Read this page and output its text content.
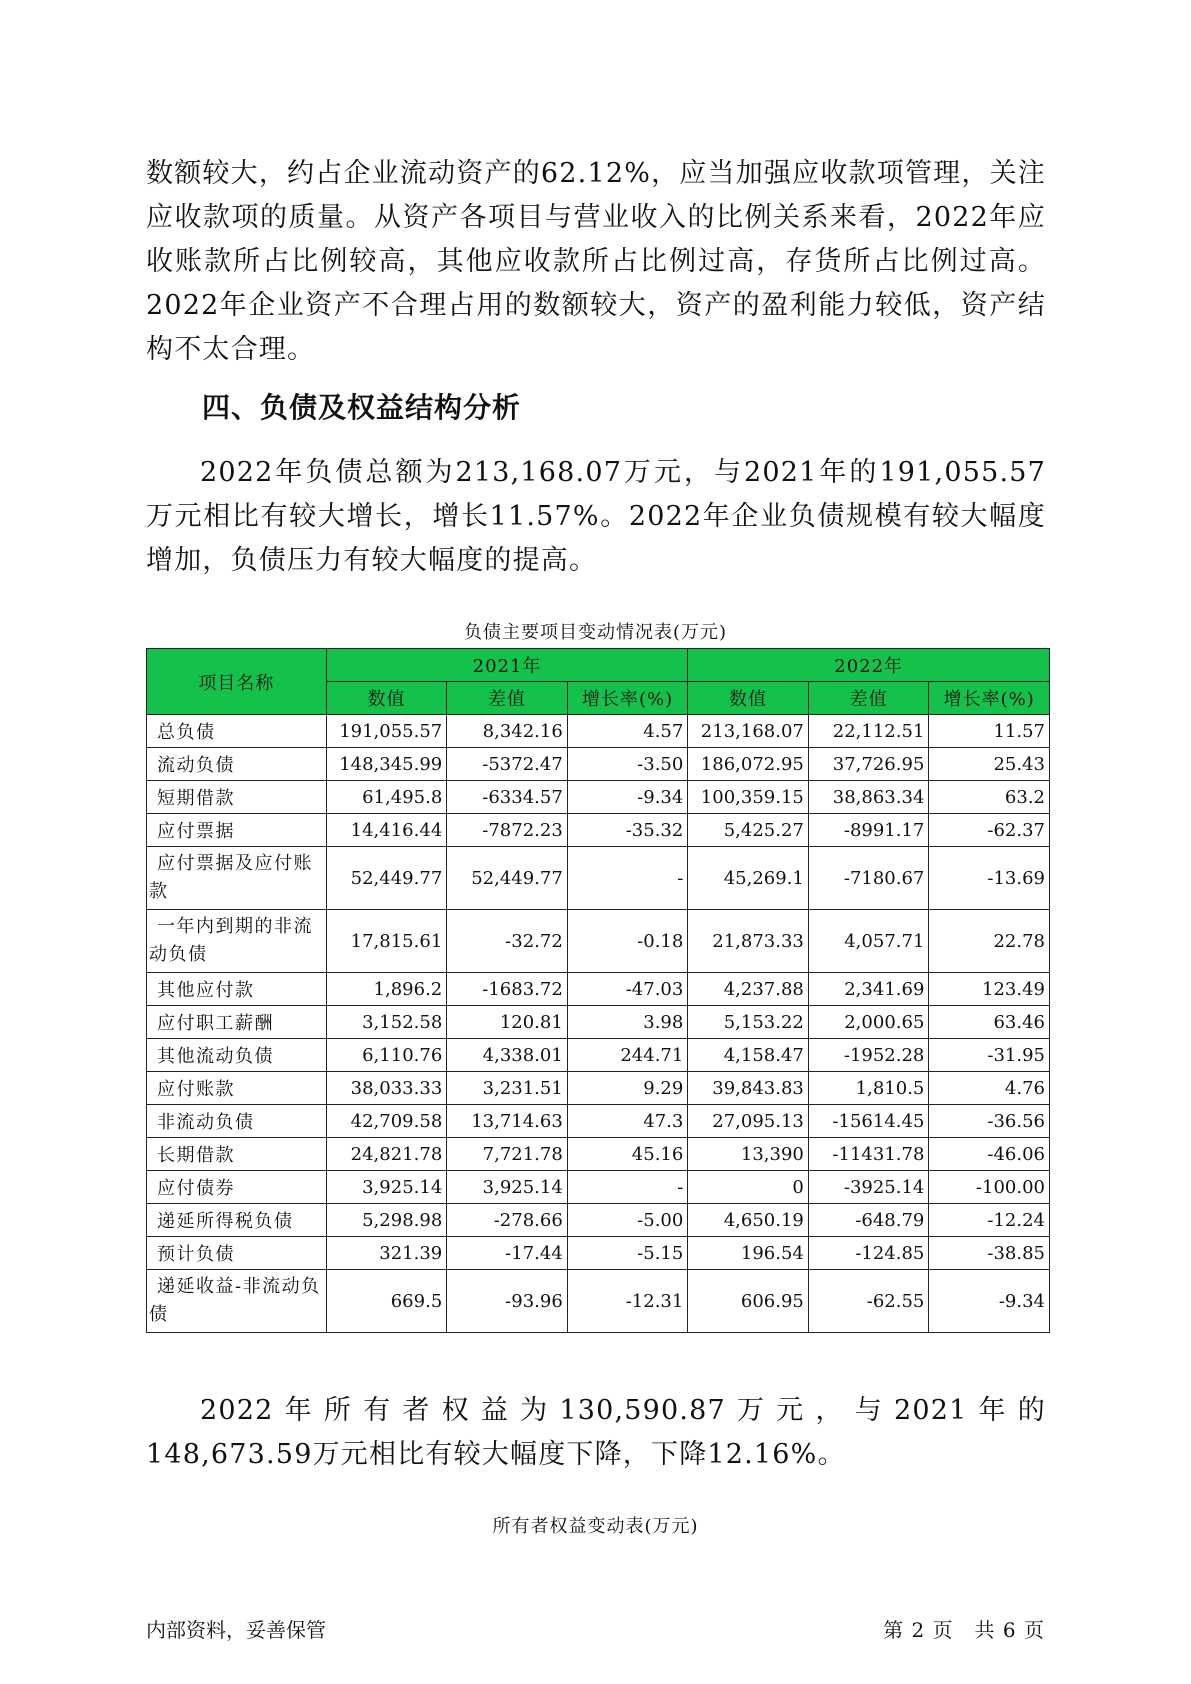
数额较大，约占企业流动资产的62.12%，应当加强应收款项管理，关注应收款项的质量。从资产各项目与营业收入的比例关系来看，2022年应收账款所占比例较高，其他应收款所占比例过高，存货所占比例过高。2022年企业资产不合理占用的数额较大，资产的盈利能力较低，资产结构不太合理。

四、负债及权益结构分析

2022年负债总额为213,168.07万元，与2021年的191,055.57万元相比有较大增长，增长11.57%。2022年企业负债规模有较大幅度增加，负债压力有较大幅度的提高。

负债主要项目变动情况表(万元)
项目名称	2021年			2022年		
	数值	差值	增长率(%)	数值	差值	增长率(%)
总负债	191,055.57	8,342.16	4.57	213,168.07	22,112.51	11.57
流动负债	148,345.99	-5372.47	-3.50	186,072.95	37,726.95	25.43
短期借款	61,495.8	-6334.57	-9.34	100,359.15	38,863.34	63.2
应付票据	14,416.44	-7872.23	-35.32	5,425.27	-8991.17	-62.37
应付票据及应付账款	52,449.77	52,449.77	-	45,269.1	-7180.67	-13.69
一年内到期的非流动负债	17,815.61	-32.72	-0.18	21,873.33	4,057.71	22.78
其他应付款	1,896.2	-1683.72	-47.03	4,237.88	2,341.69	123.49
应付职工薪酬	3,152.58	120.81	3.98	5,153.22	2,000.65	63.46
其他流动负债	6,110.76	4,338.01	244.71	4,158.47	-1952.28	-31.95
应付账款	38,033.33	3,231.51	9.29	39,843.83	1,810.5	4.76
非流动负债	42,709.58	13,714.63	47.3	27,095.13	-15614.45	-36.56
长期借款	24,821.78	7,721.78	45.16	13,390	-11431.78	-46.06
应付债券	3,925.14	3,925.14	-	0	-3925.14	-100.00
递延所得税负债	5,298.98	-278.66	-5.00	4,650.19	-648.79	-12.24
预计负债	321.39	-17.44	-5.15	196.54	-124.85	-38.85
递延收益-非流动负债	669.5	-93.96	-12.31	606.95	-62.55	-9.34

2022年所有者权益为130,590.87万元，与2021年的148,673.59万元相比有较大幅度下降，下降12.16%。

所有者权益变动表(万元)
内部资料，妥善保管	第 2 页　共 6 页
